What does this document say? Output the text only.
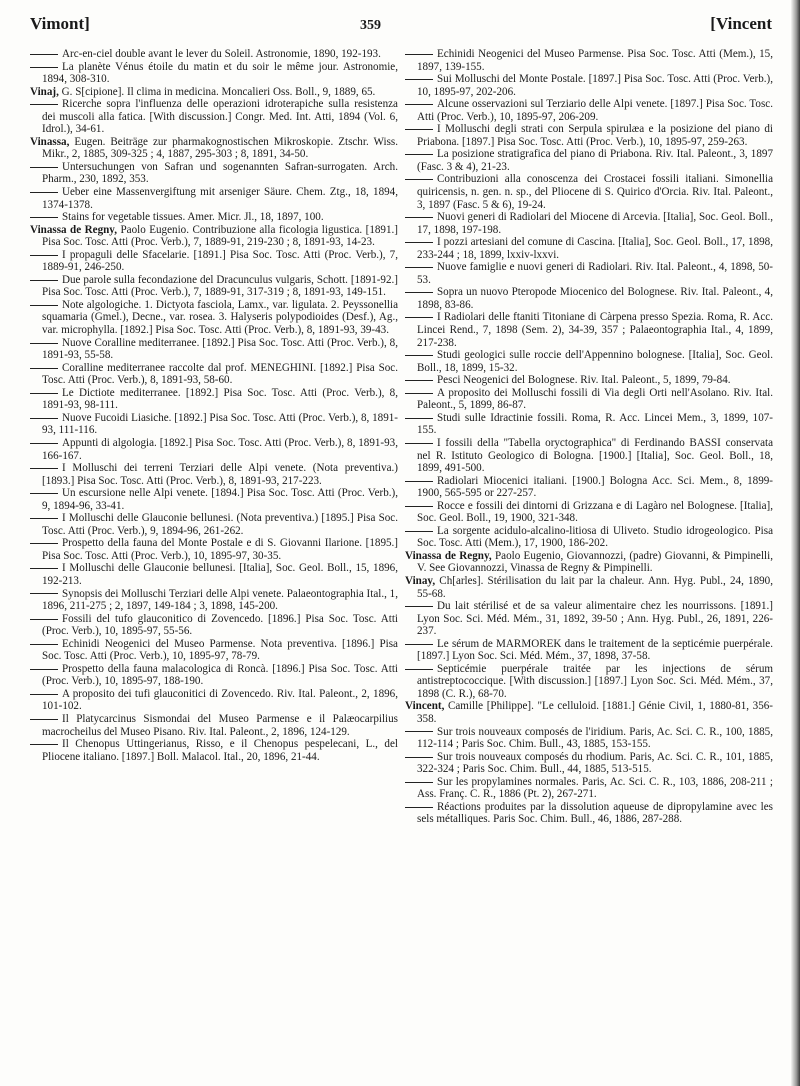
Vimont]	359	[Vincent

Arc-en-ciel double avant le lever du Soleil. Astronomie, 1890, 192-193.

La planète Vénus étoile du matin et du soir le même jour. Astronomie, 1894, 308-310.

Vinaj, G. S[cipione]. Il clima in medicina. Moncalieri Oss. Boll., 9, 1889, 65.

Ricerche sopra l'influenza delle operazioni idroterapiche sulla resistenza dei muscoli alla fatica. [With discussion.] Congr. Med. Int. Atti, 1894 (Vol. 6, Idrol.), 34-61.

Vinassa, Eugen. Beiträge zur pharmakognostischen Mikroskopie. Ztschr. Wiss. Mikr., 2, 1885, 309-325 ; 4, 1887, 295-303 ; 8, 1891, 34-50.

Untersuchungen von Safran und sogenannten Safran-surrogaten. Arch. Pharm., 230, 1892, 353.

Ueber eine Massenvergiftung mit arseniger Säure. Chem. Ztg., 18, 1894, 1374-1378.

Stains for vegetable tissues. Amer. Micr. Jl., 18, 1897, 100.

Vinassa de Regny, Paolo Eugenio. Contribuzione alla ficologia ligustica. [1891.] Pisa Soc. Tosc. Atti (Proc. Verb.), 7, 1889-91, 219-230 ; 8, 1891-93, 14-23.

I propaguli delle Sfacelarie. [1891.] Pisa Soc. Tosc. Atti (Proc. Verb.), 7, 1889-91, 246-250.

Due parole sulla fecondazione del Dracunculus vulgaris, Schott. [1891-92.] Pisa Soc. Tosc. Atti (Proc. Verb.), 7, 1889-91, 317-319 ; 8, 1891-93, 149-151.

Note algologiche. 1. Dictyota fasciola, Lamx., var. ligulata. 2. Peyssonellia squamaria (Gmel.), Decne., var. rosea. 3. Halyseris polypodioides (Desf.), Ag., var. microphylla. [1892.] Pisa Soc. Tosc. Atti (Proc. Verb.), 8, 1891-93, 39-43.

Nuove Coralline mediterranee. [1892.] Pisa Soc. Tosc. Atti (Proc. Verb.), 8, 1891-93, 55-58.

Coralline mediterranee raccolte dal prof. MENEGHINI. [1892.] Pisa Soc. Tosc. Atti (Proc. Verb.), 8, 1891-93, 58-60.

Le Dictiote mediterranee. [1892.] Pisa Soc. Tosc. Atti (Proc. Verb.), 8, 1891-93, 98-111.

Nuove Fucoidi Liasiche. [1892.] Pisa Soc. Tosc. Atti (Proc. Verb.), 8, 1891-93, 111-116.

Appunti di algologia. [1892.] Pisa Soc. Tosc. Atti (Proc. Verb.), 8, 1891-93, 166-167.

I Molluschi dei terreni Terziari delle Alpi venete. (Nota preventiva.) [1893.] Pisa Soc. Tosc. Atti (Proc. Verb.), 8, 1891-93, 217-223.

Un escursione nelle Alpi venete. [1894.] Pisa Soc. Tosc. Atti (Proc. Verb.), 9, 1894-96, 33-41.

I Molluschi delle Glauconie bellunesi. (Nota preventiva.) [1895.] Pisa Soc. Tosc. Atti (Proc. Verb.), 9, 1894-96, 261-262.

Prospetto della fauna del Monte Postale e di S. Giovanni Ilarione. [1895.] Pisa Soc. Tosc. Atti (Proc. Verb.), 10, 1895-97, 30-35.

I Molluschi delle Glauconie bellunesi. [Italia], Soc. Geol. Boll., 15, 1896, 192-213.

Synopsis dei Molluschi Terziari delle Alpi venete. Palaeontographia Ital., 1, 1896, 211-275 ; 2, 1897, 149-184 ; 3, 1898, 145-200.

Fossili del tufo glauconitico di Zovencedo. [1896.] Pisa Soc. Tosc. Atti (Proc. Verb.), 10, 1895-97, 55-56.

Echinidi Neogenici del Museo Parmense. Nota preventiva. [1896.] Pisa Soc. Tosc. Atti (Proc. Verb.), 10, 1895-97, 78-79.

Prospetto della fauna malacologica di Roncà. [1896.] Pisa Soc. Tosc. Atti (Proc. Verb.), 10, 1895-97, 188-190.

A proposito dei tufi glauconitici di Zovencedo. Riv. Ital. Paleont., 2, 1896, 101-102.

Il Platycarcinus Sismondai del Museo Parmense e il Palæocarpilius macrocheilus del Museo Pisano. Riv. Ital. Paleont., 2, 1896, 124-129.

Il Chenopus Uttingerianus, Risso, e il Chenopus pespelecani, L., del Pliocene italiano. [1897.] Boll. Malacol. Ital., 20, 1896, 21-44.

Echinidi Neogenici del Museo Parmense. Pisa Soc. Tosc. Atti (Mem.), 15, 1897, 139-155.

Sui Molluschi del Monte Postale. [1897.] Pisa Soc. Tosc. Atti (Proc. Verb.), 10, 1895-97, 202-206.

Alcune osservazioni sul Terziario delle Alpi venete. [1897.] Pisa Soc. Tosc. Atti (Proc. Verb.), 10, 1895-97, 206-209.

I Molluschi degli strati con Serpula spirulæa e la posizione del piano di Priabona. [1897.] Pisa Soc. Tosc. Atti (Proc. Verb.), 10, 1895-97, 259-263.

La posizione stratigrafica del piano di Priabona. Riv. Ital. Paleont., 3, 1897 (Fasc. 3 & 4), 21-23.

Contribuzioni alla conoscenza dei Crostacei fossili italiani. Simonellia quiricensis, n. gen. n. sp., del Pliocene di S. Quirico d'Orcia. Riv. Ital. Paleont., 3, 1897 (Fasc. 5 & 6), 19-24.

Nuovi generi di Radiolari del Miocene di Arcevia. [Italia], Soc. Geol. Boll., 17, 1898, 197-198.

I pozzi artesiani del comune di Cascina. [Italia], Soc. Geol. Boll., 17, 1898, 233-244 ; 18, 1899, lxxiv-lxxvi.

Nuove famiglie e nuovi generi di Radiolari. Riv. Ital. Paleont., 4, 1898, 50-53.

Sopra un nuovo Pteropode Miocenico del Bolognese. Riv. Ital. Paleont., 4, 1898, 83-86.

I Radiolari delle ftaniti Titoniane di Càrpena presso Spezia. Roma, R. Acc. Lincei Rend., 7, 1898 (Sem. 2), 34-39, 357 ; Palaeontographia Ital., 4, 1899, 217-238.

Studi geologici sulle roccie dell'Appennino bolognese. [Italia], Soc. Geol. Boll., 18, 1899, 15-32.

Pesci Neogenici del Bolognese. Riv. Ital. Paleont., 5, 1899, 79-84.

A proposito dei Molluschi fossili di Via degli Orti nell'Asolano. Riv. Ital. Paleont., 5, 1899, 86-87.

Studi sulle Idractinie fossili. Roma, R. Acc. Lincei Mem., 3, 1899, 107-155.

I fossili della "Tabella oryctographica" di Ferdinando BASSI conservata nel R. Istituto Geologico di Bologna. [1900.] [Italia], Soc. Geol. Boll., 18, 1899, 491-500.

Radiolari Miocenici italiani. [1900.] Bologna Acc. Sci. Mem., 8, 1899-1900, 565-595 or 227-257.

Rocce e fossili dei dintorni di Grizzana e di Lagàro nel Bolognese. [Italia], Soc. Geol. Boll., 19, 1900, 321-348.

La sorgente acidulo-alcalino-litiosa di Uliveto. Studio idrogeologico. Pisa Soc. Tosc. Atti (Mem.), 17, 1900, 186-202.

Vinassa de Regny, Paolo Eugenio, Giovannozzi, (padre) Giovanni, & Pimpinelli, V. See Giovannozzi, Vinassa de Regny & Pimpinelli.

Vinay, Ch[arles]. Stérilisation du lait par la chaleur. Ann. Hyg. Publ., 24, 1890, 55-68.

Du lait stérilisé et de sa valeur alimentaire chez les nourrissons. [1891.] Lyon Soc. Sci. Méd. Mém., 31, 1892, 39-50 ; Ann. Hyg. Publ., 26, 1891, 226-237.

Le sérum de MARMOREK dans le traitement de la septicémie puerpérale. [1897.] Lyon Soc. Sci. Méd. Mém., 37, 1898, 37-58.

Septicémie puerpérale traitée par les injections de sérum antistreptococcique. [With discussion.] [1897.] Lyon Soc. Sci. Méd. Mém., 37, 1898 (C. R.), 68-70.

Vincent, Camille [Philippe]. "Le celluloid. [1881.] Génie Civil, 1, 1880-81, 356-358.

Sur trois nouveaux composés de l'iridium. Paris, Ac. Sci. C. R., 100, 1885, 112-114 ; Paris Soc. Chim. Bull., 43, 1885, 153-155.

Sur trois nouveaux composés du rhodium. Paris, Ac. Sci. C. R., 101, 1885, 322-324 ; Paris Soc. Chim. Bull., 44, 1885, 513-515.

Sur les propylamines normales. Paris, Ac. Sci. C. R., 103, 1886, 208-211 ; Ass. Franç. C. R., 1886 (Pt. 2), 267-271.

Réactions produites par la dissolution aqueuse de dipropylamine avec les sels métalliques. Paris Soc. Chim. Bull., 46, 1886, 287-288.
